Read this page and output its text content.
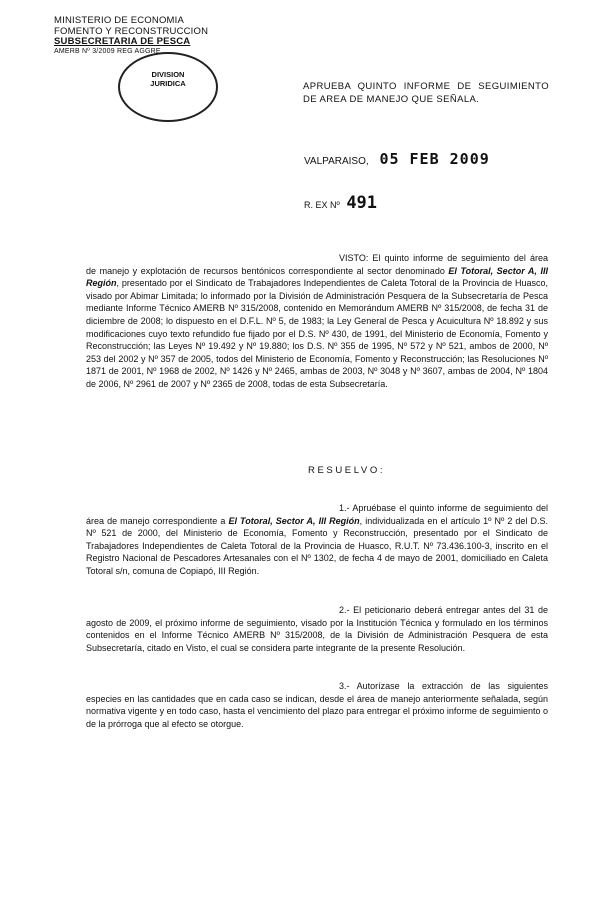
MINISTERIO DE ECONOMIA
FOMENTO Y RECONSTRUCCION
SUBSECRETARIA DE PESCA
AMERB Nº 3/2009 REG AGGRE
DIVISION
JURIDICA	APRUEBA QUINTO INFORME DE SEGUIMIENTO DE AREA DE MANEJO QUE SEÑALA.
VALPARAISO, 05 FEB 2009
R. EX Nº 491
VISTO: El quinto informe de seguimiento del área de manejo y explotación de recursos bentónicos correspondiente al sector denominado El Totoral, Sector A, III Región, presentado por el Sindicato de Trabajadores Independientes de Caleta Totoral de la Provincia de Huasco, visado por Abimar Limitada; lo informado por la División de Administración Pesquera de la Subsecretaría de Pesca mediante Informe Técnico AMERB Nº 315/2008, contenido en Memorándum AMERB Nº 315/2008, de fecha 31 de diciembre de 2008; lo dispuesto en el D.F.L. Nº 5, de 1983; la Ley General de Pesca y Acuicultura Nº 18.892 y sus modificaciones cuyo texto refundido fue fijado por el D.S. Nº 430, de 1991, del Ministerio de Economía, Fomento y Reconstrucción; las Leyes Nº 19.492 y Nº 19.880; los D.S. Nº 355 de 1995, Nº 572 y Nº 521, ambos de 2000, Nº 253 del 2002 y Nº 357 de 2005, todos del Ministerio de Economía, Fomento y Reconstrucción; las Resoluciones Nº 1871 de 2001, Nº 1968 de 2002, Nº 1426 y Nº 2465, ambas de 2003, Nº 3048 y Nº 3607, ambas de 2004, Nº 1804 de 2006, Nº 2961 de 2007 y Nº 2365 de 2008, todas de esta Subsecretaría.
RESUELVO:
1.- Apruébase el quinto informe de seguimiento del área de manejo correspondiente a El Totoral, Sector A, III Región, individualizada en el artículo 1º Nº 2 del D.S. Nº 521 de 2000, del Ministerio de Economía, Fomento y Reconstrucción, presentado por el Sindicato de Trabajadores Independientes de Caleta Totoral de la Provincia de Huasco, R.U.T. Nº 73.436.100-3, inscrito en el Registro Nacional de Pescadores Artesanales con el Nº 1302, de fecha 4 de mayo de 2001, domiciliado en Caleta Totoral s/n, comuna de Copiapó, III Región.
2.- El peticionario deberá entregar antes del 31 de agosto de 2009, el próximo informe de seguimiento, visado por la Institución Técnica y formulado en los términos contenidos en el Informe Técnico AMERB Nº 315/2008, de la División de Administración Pesquera de esta Subsecretaría, citado en Visto, el cual se considera parte integrante de la presente Resolución.
3.- Autorízase la extracción de las siguientes especies en las cantidades que en cada caso se indican, desde el área de manejo anteriormente señalada, según normativa vigente y en todo caso, hasta el vencimiento del plazo para entregar el próximo informe de seguimiento o de la prórroga que al efecto se otorgue.
